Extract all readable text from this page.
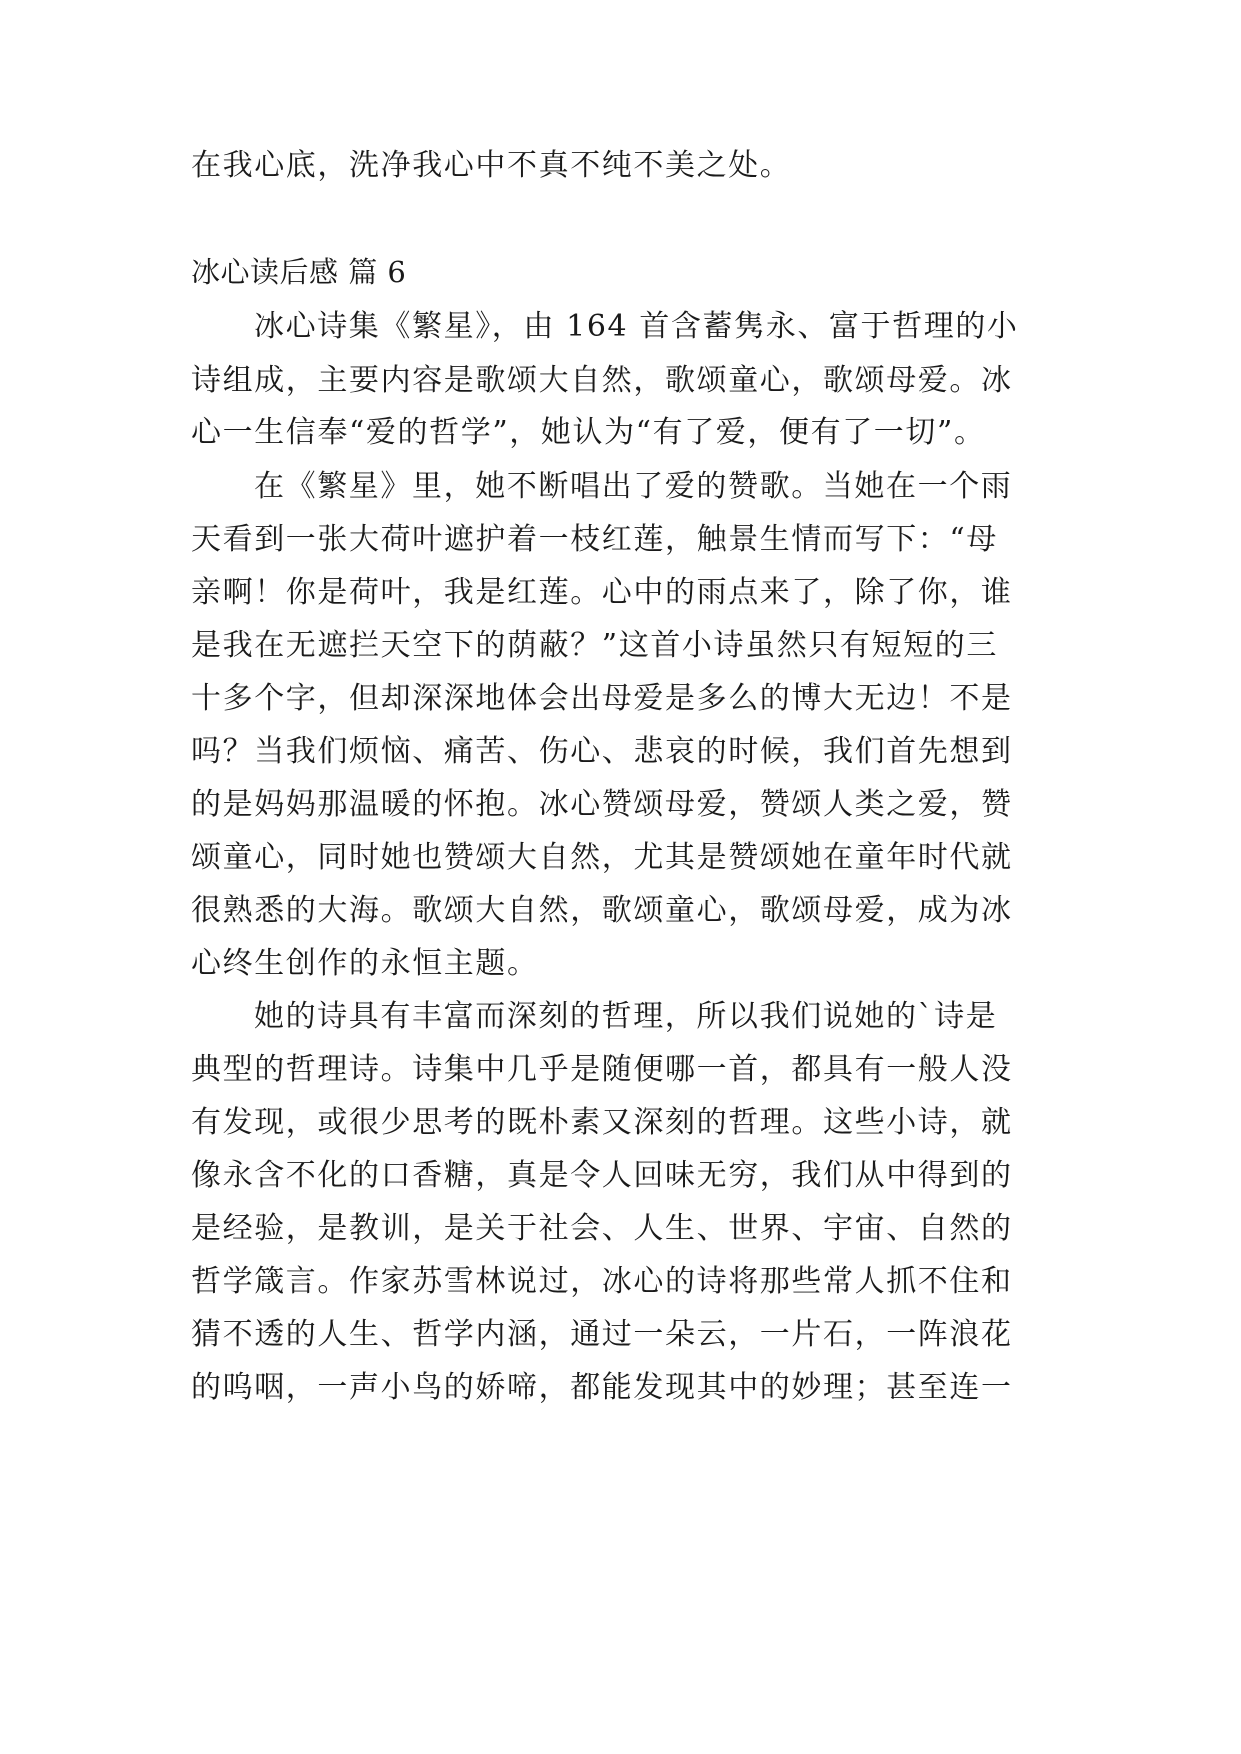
在我心底，洗净我心中不真不纯不美之处。
冰心读后感 篇 6
冰心诗集《繁星》，由 164 首含蓄隽永、富于哲理的小
诗组成，主要内容是歌颂大自然，歌颂童心，歌颂母爱。冰
心一生信奉“爱的哲学”，她认为“有了爱，便有了一切”。
在《繁星》里，她不断唱出了爱的赞歌。当她在一个雨
天看到一张大荷叶遮护着一枝红莲，触景生情而写下：“母
亲啊！你是荷叶，我是红莲。心中的雨点来了，除了你，谁
是我在无遮拦天空下的荫蔽？”这首小诗虽然只有短短的三
十多个字，但却深深地体会出母爱是多么的博大无边！不是
吗？当我们烦恼、痛苦、伤心、悲哀的时候，我们首先想到
的是妈妈那温暖的怀抱。冰心赞颂母爱，赞颂人类之爱，赞
颂童心，同时她也赞颂大自然，尤其是赞颂她在童年时代就
很熟悉的大海。歌颂大自然，歌颂童心，歌颂母爱，成为冰
心终生创作的永恒主题。
她的诗具有丰富而深刻的哲理，所以我们说她的`诗是
典型的哲理诗。诗集中几乎是随便哪一首，都具有一般人没
有发现，或很少思考的既朴素又深刻的哲理。这些小诗，就
像永含不化的口香糖，真是令人回味无穷，我们从中得到的
是经验，是教训，是关于社会、人生、世界、宇宙、自然的
哲学箴言。作家苏雪林说过，冰心的诗将那些常人抓不住和
猜不透的人生、哲学内涵，通过一朵云，一片石，一阵浪花
的呜咽，一声小鸟的娇啼，都能发现其中的妙理；甚至连一
